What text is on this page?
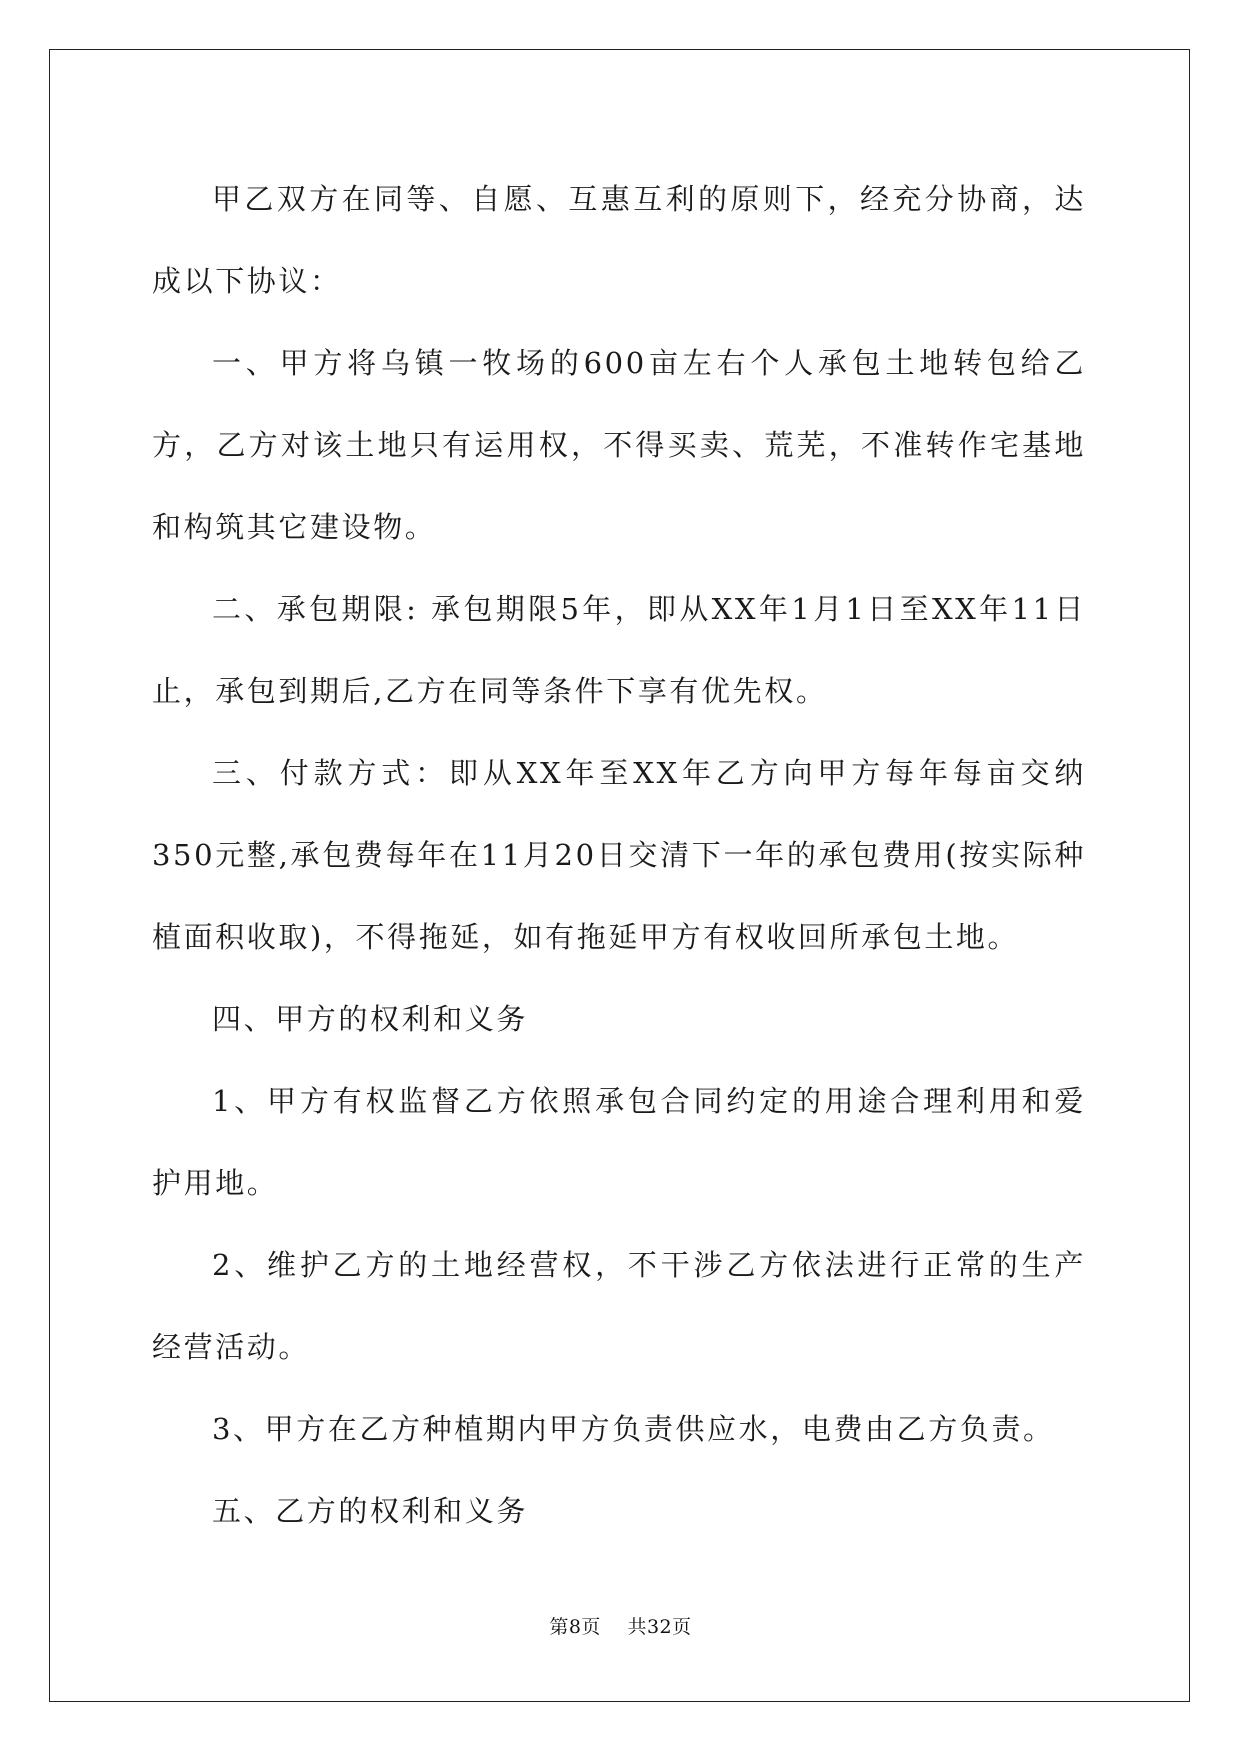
甲乙双方在同等、自愿、互惠互利的原则下，经充分协商，达成以下协议：

一、甲方将乌镇一牧场的600亩左右个人承包土地转包给乙方，乙方对该土地只有运用权，不得买卖、荒芜，不准转作宅基地和构筑其它建设物。

二、承包期限: 承包期限5年，即从XX年1月1日至XX年11日止，承包到期后,乙方在同等条件下享有优先权。

三、付款方式：即从XX年至XX年乙方向甲方每年每亩交纳350元整,承包费每年在11月20日交清下一年的承包费用(按实际种植面积收取)，不得拖延，如有拖延甲方有权收回所承包土地。

四、甲方的权利和义务

1、甲方有权监督乙方依照承包合同约定的用途合理利用和爱护用地。

2、维护乙方的土地经营权，不干涉乙方依法进行正常的生产经营活动。

3、甲方在乙方种植期内甲方负责供应水，电费由乙方负责。

五、乙方的权利和义务

第8页 共32页
